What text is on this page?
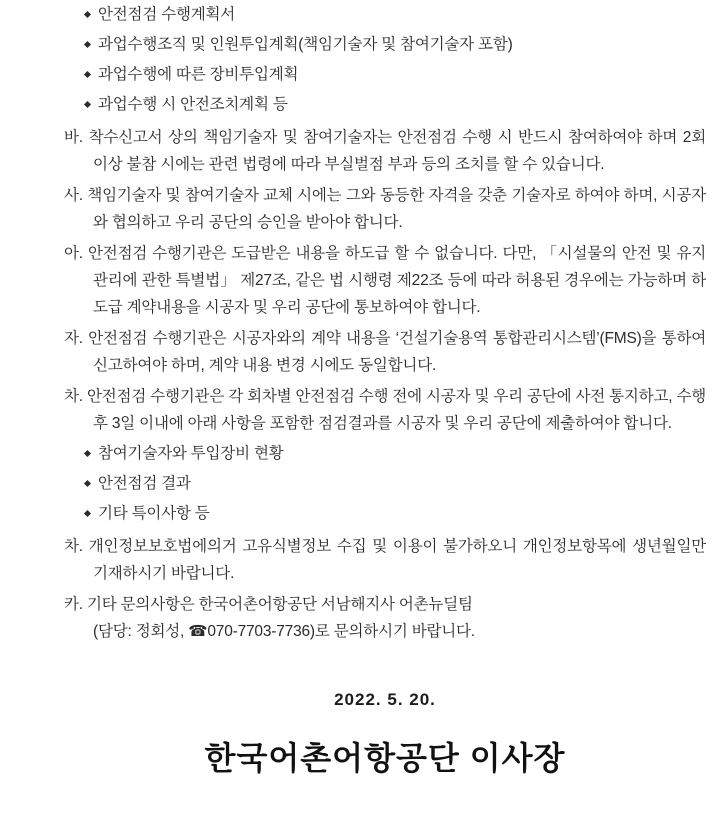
안전점검 수행계획서
과업수행조직 및 인원투입계획(책임기술자 및 참여기술자 포함)
과업수행에 따른 장비투입계획
과업수행 시 안전조치계획 등
바. 착수신고서 상의 책임기술자 및 참여기술자는 안전점검 수행 시 반드시 참여하여야 하며 2회 이상 불참 시에는 관련 법령에 따라 부실벌점 부과 등의 조치를 할 수 있습니다.
사. 책임기술자 및 참여기술자 교체 시에는 그와 동등한 자격을 갖춘 기술자로 하여야 하며, 시공자와 협의하고 우리 공단의 승인을 받아야 합니다.
아. 안전점검 수행기관은 도급받은 내용을 하도급 할 수 없습니다. 다만, 「시설물의 안전 및 유지관리에 관한 특별법」 제27조, 같은 법 시행령 제22조 등에 따라 허용된 경우에는 가능하며 하도급 계약내용을 시공자 및 우리 공단에 통보하여야 합니다.
자. 안전점검 수행기관은 시공자와의 계약 내용을 ‘건설기술용역 통합관리시스템’(FMS)을 통하여 신고하여야 하며, 계약 내용 변경 시에도 동일합니다.
차. 안전점검 수행기관은 각 회차별 안전점검 수행 전에 시공자 및 우리 공단에 사전 통지하고, 수행 후 3일 이내에 아래 사항을 포함한 점검결과를 시공자 및 우리 공단에 제출하여야 합니다.
참여기술자와 투입장비 현황
안전점검 결과
기타 특이사항 등
차. 개인정보보호법에의거 고유식별정보 수집 및 이용이 불가하오니 개인정보항목에 생년월일만 기재하시기 바랍니다.
카. 기타 문의사항은 한국어촌어항공단 서남해지사 어촌뉴딜팀
(담당: 정회성, ☎070-7703-7736)로 문의하시기 바랍니다.
2022. 5. 20.
한국어촌어항공단 이사장
